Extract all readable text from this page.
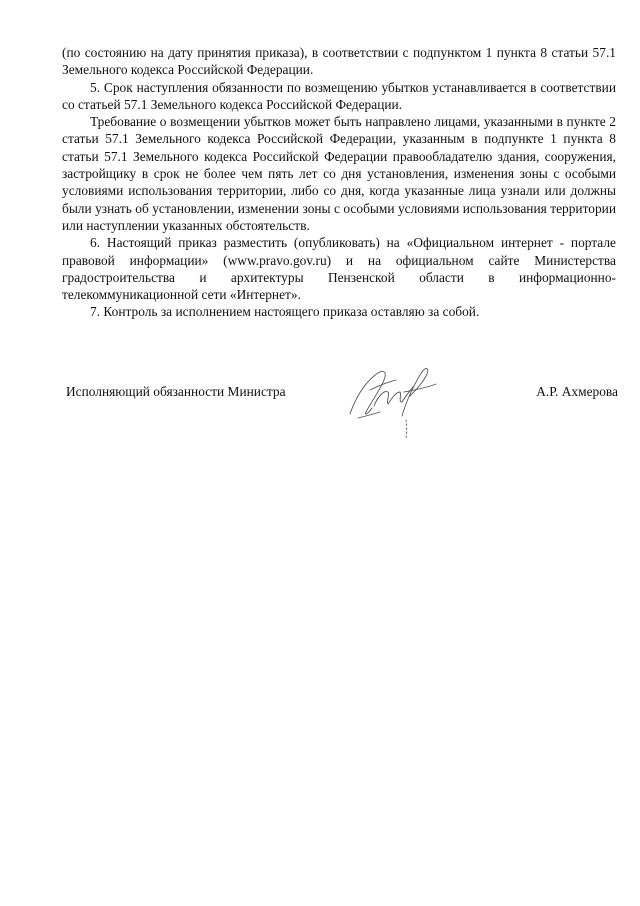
(по состоянию на дату принятия приказа), в соответствии с подпунктом 1 пункта 8 статьи 57.1 Земельного кодекса Российской Федерации.

5. Срок наступления обязанности по возмещению убытков устанавливается в соответствии со статьей 57.1 Земельного кодекса Российской Федерации.

Требование о возмещении убытков может быть направлено лицами, указанными в пункте 2 статьи 57.1 Земельного кодекса Российской Федерации, указанным в подпункте 1 пункта 8 статьи 57.1 Земельного кодекса Российской Федерации правообладателю здания, сооружения, застройщику в срок не более чем пять лет со дня установления, изменения зоны с особыми условиями использования территории, либо со дня, когда указанные лица узнали или должны были узнать об установлении, изменении зоны с особыми условиями использования территории или наступлении указанных обстоятельств.

6. Настоящий приказ разместить (опубликовать) на «Официальном интернет - портале правовой информации» (www.pravo.gov.ru) и на официальном сайте Министерства градостроительства и архитектуры Пензенской области в информационно-телекоммуникационной сети «Интернет».

7. Контроль за исполнением настоящего приказа оставляю за собой.

Исполняющий обязанности Министра	А.Р. Ахмерова
